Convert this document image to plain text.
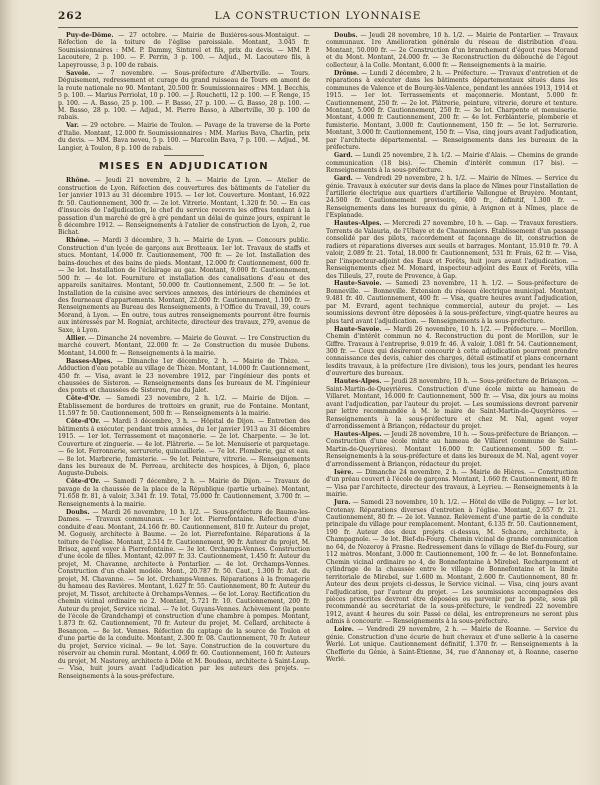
262	LA CONSTRUCTION LYONNAISE

Puy-de-Dôme. — 27 octobre. — Mairie de Buxières-sous-Montaigut. — Réfection de la toiture de l'église paroissiale. Montant, 3.045 fr. Soumissionnaires : MM. P. Dammy, Sinturel et fils, prix du devis. — MM. P. Lacoutere, 2 p. 100. — F. Perrin, 3 p. 100. — Adjud., M. Lacoutere fils, à Lapeyrousse, 3 p. 100 de rabais.

Savoie. — 7 novembre. — Sous-préfecture d'Albertville. — Tours. Déguisement, redressement et curage du grand ruisseau de Tours en amont de la route nationale no 90. Montant, 20.500 fr. Soumissionnaires : MM. J. Becchis, 5 p. 100. — Marius Perriolat, 10 p. 100. — J. Rouchetti, 12 p. 100. — F. Renge, 15 p. 100. — A. Basso, 25 p. 100. — F. Basso, 27 p. 100. — G. Basso, 28 p. 100. — M. Basso, 28 p. 100. — Adjud., M. Pierre Basso, à Albertville, 30 p. 100 de rabais.

Var. — 29 octobre. — Mairie de Toulon. — Pavage de la traverse de la Porte d'Italie. Montant, 12.000 fr. Soumissionnaires : MM. Marius Bava, Charlin, prix du devis. — MM. Bava neveu, 5 p. 100. — Marcelin Bava, 7 p. 100. — Adjud., M. Langier, à Toulon, 8 p. 100 de rabais.

MISES EN ADJUDICATION

Rhône. — Jeudi 21 novembre, 2 h. — Mairie de Lyon. — Atelier de construction de Lyon. Réfection des couvertures des bâtiments de l'atelier du 1er janvier 1913 au 31 décembre 1915. — 1er lot. Couverture. Montant, 16.922 fr. 50. Cautionnement, 300 fr. — 2e lot. Vitrerie. Montant, 1.320 fr. 50. — En cas d'insuccès de l'adjudication, le chef du service recevra les offres tendant à la passation d'un marché de gré à gré pendant un délai de quinze jours, expirant le 6 décembre 1912. — Renseignements à l'atelier de construction de Lyon, 2, rue Bichat.

Rhône. — Mardi 3 décembre, 3 h. — Mairie de Lyon. — Concours public. Construction d'un lycée de garçons aux Brotteaux. 1er lot. Travaux de staffs et stucs. Montant, 14.000 fr. Cautionnement, 700 fr. — 2e lot. Installation des bains-douches et des bains de pieds. Montant, 12.000 fr. Cautionnement, 600 fr. — 3e lot. Installation de l'éclairage au gaz. Montant, 9.000 fr. Cautionnement, 500 fr. — 4e lot. Fourniture et installation des canalisations d'eau et des appareils sanitaires. Montant, 50.000 fr. Cautionnement, 2.500 fr. — 5e lot. Installation de la cuisine avec services annexes, des intérieurs de cheminées et des fourneaux d'appartements. Montant, 22.000 fr. Cautionnement, 1.100 fr. — Renseignements au Bureau des Renseignements, à l'Office du Travail, 39, cours Morand, à Lyon. — En outre, tous autres renseignements pourront être fournis aux intéressés par M. Rogniat, architecte, directeur des travaux, 279, avenue de Saxe, à Lyon.

Allier. — Dimanche 24 novembre. — Mairie de Gouvat. — 1re Construction du marché couvert. Montant, 22.000 fr. — 2e Construction du musée Dubens. Montant, 14.000 fr. — Renseignements à la mairie.

Basses-Alpes. — Dimanche 1er décembre, 2 h. — Mairie de Thèze. — Adduction d'eau potable au village de Thèze. Montant, 14.000 fr. Cautionnement, 450 fr. — Visa, avant le 23 novembre 1912, par l'ingénieur des ponts et chaussées de Sisteron. — Renseignements dans les bureaux de M. l'ingénieur des ponts et chaussées de Sisteron, rue du Jalet.

Côte-d'Or. — Samedi 23 novembre, 2 h. 1/2. — Mairie de Dijon. — Établissement de bordures de trottoirs en granit, rue de Fontaine. Montant, 11.597 fr. 50. Cautionnement, 500 fr. — Renseignements à la mairie.

Côte-d'Or. — Mardi 3 décembre, 3 h. — Hôpital de Dijon. — Entretien des bâtiments à exécuter, pendant trois années, du 1er janvier 1913 au 31 décembre 1915. — 1er lot. Terrassement et maçonnerie. — 2e lot. Charpente. — 3e lot. Couverture et zinguerie. — 4e lot. Plâtrerie. — 5e lot. Menuiserie et parquetage. — 6e lot. Ferronnerie, serrurerie, quincaillerie. — 7e lot. Plomberie, gaz et eau. — 8e lot. Marbrerie, fumisterie. — 9e lot. Peinture, vitrerie. — Renseignements dans les bureaux de M. Perreau, architecte des hospices, à Dijon, 6, place Auguste-Dubois.

Côte-d'Or. — Samedi 7 décembre, 2 h. — Mairie de Dijon. — Travaux de pavage de la chaussée de la place de la République (partie urbaine). Montant, 71.658 fr. 81, à valoir, 3.341 fr. 19. Total, 75.000 fr. Cautionnement, 3.700 fr. — Renseignements à la mairie.

Doubs. — Mardi 26 novembre, 10 h. 1/2. — Sous-préfecture de Baume-les-Dames. — Travaux communaux. — 1er lot. Pierrefontaine. Réfection d'une conduite d'eau. Montant, 24.166 fr. 80. Cautionnement, 810 fr. Auteur du projet, M. Gogueiy, architecte à Baume. — 2e lot. Pierrefontaine. Réparations à la toiture de l'église. Montant, 2.514 fr. Cautionnement, 90 fr. Auteur du projet, M. Brisoz, agent voyer à Pierrefontaine. — 3e lot. Orchamps-Vennes. Construction d'une école de filles. Montant, 42.097 fr. 33. Cautionnement, 1.450 fr. Auteur du projet, M. Chavanne, architecte à Pontarlier. — 4e lot. Orchamps-Vennes. Construction d'un chalet modèle. Mont., 20.787 fr. 50. Caut., 1.300 fr. Aut. du projet, M. Chavanne. — 5e lot. Orchamps-Vennes. Réparations à la fromagerie du hameau des Ravières. Montant, 1.627 fr. 55. Cautionnement, 80 fr. Auteur du projet, M. Tissot, architecte à Orchamps-Vennes. — 6e lot. Loray. Rectification du chemin vicinal ordinaire no 2. Montant, 5.721 fr. 10. Cautionnement, 200 fr. Auteur du projet, Service vicinal. — 7e lot. Guyans-Vennes. Achèvement (la pente de l'école de Grandchamp) et construction d'une chambre à pompes. Montant, 1.873 fr. 62. Cautionnement, 70 fr. Auteur du projet, M. Cellard, architecte à Besançon. — 8e lot. Vennes. Réfection du captage de la source de Toulon et d'une partie de la conduite. Montant, 2.300 fr. 08. Cautionnement, 70 fr. Auteur du projet, Service vicinal. — 9e lot. Saye. Construction de la couverture du réservoir au chemin rural. Montant, 4.069 fr. 60. Cautionnement, 160 fr. Auteurs du projet, M. Nastorey, architecte à Dôle et M. Boudeau, architecte à Saint-Loup. — Visa, huit jours avant l'adjudication par les auteurs des projets. — Renseignements à la sous-préfecture.

Doubs. — Jeudi 28 novembre, 10 h. 1/2. — Mairie de Pontarlier. — Travaux communaux. 1re Amélioration générale du réseau de distribution d'eau. Montant, 50.000 fr. — 2e Construction d'un branchement d'égout rues Morand et du Mont. Montant, 24.000 fr. — 3e Reconstruction du débouché de l'égout collecteur, à la Colle. Montant, 6.000 fr. — Renseignements à la mairie.

Drôme. — Lundi 2 décembre, 2 h. — Préfecture. — Travaux d'entretien et de réparations à exécuter dans les bâtiments départementaux situés dans les communes de Valence et de Bourg-lès-Valence, pendant les années 1913, 1914 et 1915. — 1er lot. Terrassements et maçonnerie. Montant, 5.000 fr. Cautionnement, 250 fr. — 2e lot. Plâtrerie, peinture, vitrerie, dorure et tenture. Montant, 5.000 fr. Cautionnement, 250 fr. — 3e lot. Charpente et menuiserie. Montant, 4.000 fr. Cautionnement, 200 fr. — 4e lot. Ferblanterie, plomberie et fumisterie. Montant, 3.000 fr. Cautionnement, 150 fr. — 5e lot. Serrurerie. Montant, 3.000 fr. Cautionnement, 150 fr. — Visa, cinq jours avant l'adjudication, par l'architecte départemental. — Renseignements dans les bureaux de la préfecture.

Gard. — Lundi 25 novembre, 2 h. 1/2. — Mairie d'Alais. — Chemins de grande communication (18 bis). — Chemin d'intérêt commun (17 bis). — Renseignements à la sous-préfecture.

Gard. — Vendredi 29 novembre, 2 h. 1/2. — Mairie de Nîmes. — Service du génie. Travaux à exécuter sur devis dans la place de Nîmes pour l'installation de l'artillerie électrique aux quartiers d'artillerie Vallongue et Bruyère. Montant, 24.500 fr. Cautionnement provisoire, 400 fr., définitif, 1.300 fr. — Renseignements dans les bureaux du génie, à Avignon et à Nîmes, place de l'Esplanade.

Hautes-Alpes. — Mercredi 27 novembre, 10 h. — Gap. — Travaux forestiers. Torrents de Valauria, de l'Ubaye et de Chaumoniers. Établissement d'un passage consolidé par des pilots, raccordement et façonnage de lit, construction de radiers et réparations diverses aux seuils et barrages. Montant, 15.910 fr. 79. À valoir, 2.089 fr. 21. Total, 18.000 fr. Cautionnement, 531 fr. Frais, 62 fr. — Visa, par l'inspecteur-adjoint des Eaux et Forêts, huit jours avant l'adjudication. — Renseignements chez M. Monard, inspecteur-adjoint des Eaux et Forêts, villa des Tilleuls, 27, route de Provence, à Gap.

Haute-Savoie. — Samedi 23 novembre, 11 h. 1/2. — Sous-préfecture de Bonneville. — Bonneville. Extension du réseau électrique municipal. Montant, 9.481 fr. 40. Cautionnement, 400 fr. — Visa, quatre heures avant l'adjudication, par M. Evrard, agent technique commercial, auteur du projet. — Les soumissions devront être déposées à la sous-préfecture, vingt-quatre heures au plus tard avant l'adjudication. — Renseignements à la sous-préfecture.

Haute-Savoie. — Mardi 26 novembre, 10 h. 1/2. — Préfecture. — Morillon. Chemin d'intérêt commun no 4. Reconstruction du pont de Morillon, sur le Giffre. Travaux à l'entreprise, 9.019 fr. 46. À valoir, 1.081 fr. 54. Cautionnement, 300 fr. — Ceux qui désireront concourir à cette adjudication pourront prendre connaissance des devis, cahier des charges, détail estimatif et plans concernant lesdits travaux, à la préfecture (1re division), tous les jours, pendant les heures d'ouverture des bureaux.

Hautes-Alpes. — Jeudi 28 novembre, 10 h. — Sous-préfecture de Briançon. — Saint-Martin-de-Queyrières. Construction d'une école mixte au hameau de Villaret. Montant, 16.000 fr. Cautionnement, 500 fr. — Visa, dix jours au moins avant l'adjudication, par l'auteur du projet. — Les soumissions devront parvenir par lettre recommandée à M. le maire de Saint-Martin-de-Queyrières. — Renseignements à la sous-préfecture et chez M. Nal, agent voyer d'arrondissement à Briançon, rédacteur du projet.

Hautes-Alpes. — Jeudi 28 novembre, 10 h. — Sous-préfecture de Briançon. — Construction d'une école mixte au hameau de Villaret (commune de Saint-Martin-de-Queyrières). Montant 16.000 fr. Cautionnement, 500 fr. — Renseignements à la sous-préfecture et dans les bureaux de M. Nal, agent voyer d'arrondissement à Briançon, rédacteur du projet.

Isère. — Dimanche 24 novembre, 2 h. — Mairie de Hières. — Construction d'un préau couvert à l'école de garçons. Montant, 1.660 fr. Cautionnement, 80 fr. — Visa par l'architecte, directeur des travaux, à Leyrieu. — Renseignements à la mairie.

Jura. — Samedi 23 novembre, 10 h. 1/2. — Hôtel de ville de Poligny. — 1er lot. Crotenay. Réparations diverses d'entretien à l'église. Montant, 2.657 fr. 21. Cautionnement, 80 fr. — 2e lot. Vannoz. Relèvement d'une partie de la conduite principale du village pour remplacement. Montant, 6.135 fr. 50. Cautionnement, 190 fr. Auteur des deux projets ci-dessus, M. Schacre, architecte, à Champagnole. — 3e lot. Bief-du-Fourg. Chemin vicinal de grande communication no 64, de Nozeroy à Frasne. Redressement dans le village de Bief-du-Fourg, sur 112 mètres. Montant, 3.000 fr. Cautionnement, 100 fr. — 4e lot. Bonnefontaine. Chemin vicinal ordinaire no 4, de Bonnefontaine à Mirebel. Rechargement et cylindrage de la chaussée entre le village de Bonnefontaine et la limite territoriale de Mirebel, sur 1.600 m. Montant, 2.600 fr. Cautionnement, 80 fr. Auteur des deux projets ci-dessus, le Service vicinal. — Visa, cinq jours avant l'adjudication, par l'auteur du projet. — Les soumissions accompagnées des pièces prescrites devront être déposées ou parvenir par la poste, sous pli recommandé au secrétariat de la sous-préfecture, le vendredi 22 novembre 1912, avant 4 heures du soir. Passé ce délai, les entrepreneurs ne seront plus admis à concourir. — Renseignements à la sous-préfecture.

Loire. — Vendredi 29 novembre, 2 h. — Mairie de Roanne. — Service du génie. Construction d'une écurie de huit chevaux et d'une sellerie à la caserne Werlé. Lot unique. Cautionnement définitif, 1.370 fr. — Renseignements à la Chefferie du Génie, à Saint-Étienne, 34, rue d'Annonay et, à Roanne, caserne Werlé.
